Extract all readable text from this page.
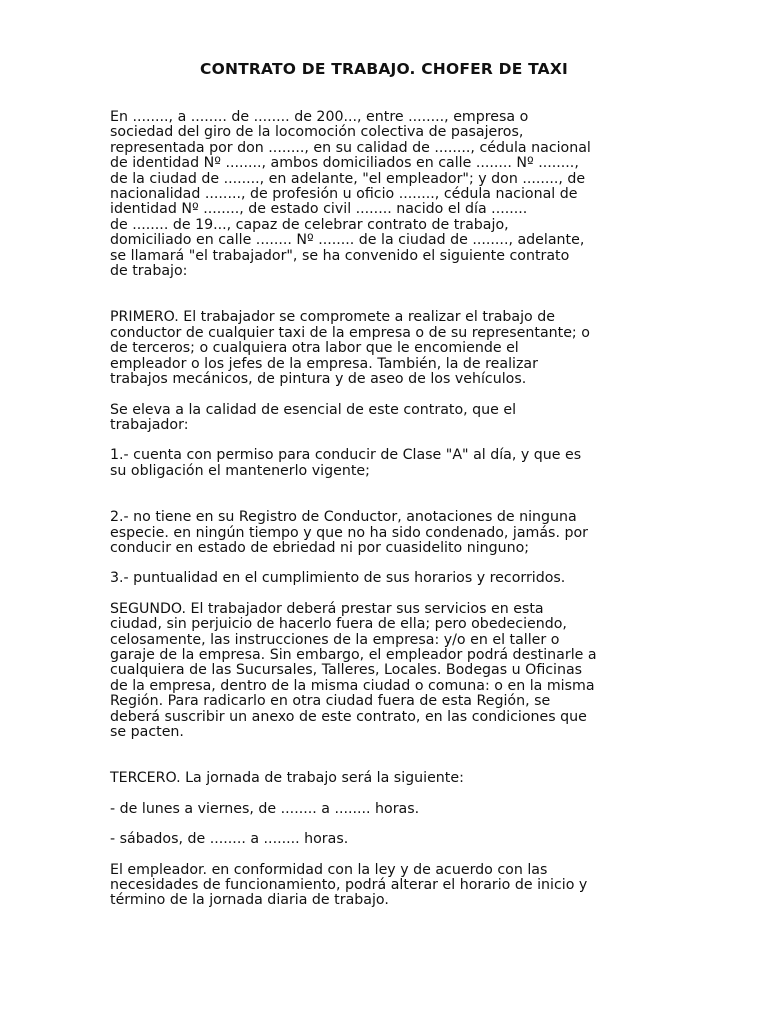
CONTRATO DE TRABAJO. CHOFER DE TAXI

En ........, a ........ de ........ de 200..., entre ........, empresa o
sociedad del giro de la locomoción colectiva de pasajeros,
representada por don ........, en su calidad de ........, cédula nacional
de identidad Nº ........, ambos domiciliados en calle ........ Nº ........,
de la ciudad de ........, en adelante, "el empleador"; y don ........, de
nacionalidad ........, de profesión u oficio ........, cédula nacional de
identidad Nº ........, de estado civil ........ nacido el día ........
de ........ de 19..., capaz de celebrar contrato de trabajo,
domiciliado en calle ........ Nº ........ de la ciudad de ........, adelante,
se llamará "el trabajador", se ha convenido el siguiente contrato
de trabajo:

PRIMERO. El trabajador se compromete a realizar el trabajo de
conductor de cualquier taxi de la empresa o de su representante; o
de terceros; o cualquiera otra labor que le encomiende el
empleador o los jefes de la empresa. También, la de realizar
trabajos mecánicos, de pintura y de aseo de los vehículos.

Se eleva a la calidad de esencial de este contrato, que el
trabajador:

1.- cuenta con permiso para conducir de Clase "A" al día, y que es
su obligación el mantenerlo vigente;

2.- no tiene en su Registro de Conductor, anotaciones de ninguna
especie. en ningún tiempo y que no ha sido condenado, jamás. por
conducir en estado de ebriedad ni por cuasidelito ninguno;

3.- puntualidad en el cumplimiento de sus horarios y recorridos.

SEGUNDO. El trabajador deberá prestar sus servicios en esta
ciudad, sin perjuicio de hacerlo fuera de ella; pero obedeciendo,
celosamente, las instrucciones de la empresa: y/o en el taller o
garaje de la empresa. Sin embargo, el empleador podrá destinarle a
cualquiera de las Sucursales, Talleres, Locales. Bodegas u Oficinas
de la empresa, dentro de la misma ciudad o comuna: o en la misma
Región. Para radicarlo en otra ciudad fuera de esta Región, se
deberá suscribir un anexo de este contrato, en las condiciones que
se pacten.

TERCERO. La jornada de trabajo será la siguiente:

- de lunes a viernes, de ........ a ........ horas.

- sábados, de ........ a ........ horas.

El empleador. en conformidad con la ley y de acuerdo con las
necesidades de funcionamiento, podrá alterar el horario de inicio y
término de la jornada diaria de trabajo.
